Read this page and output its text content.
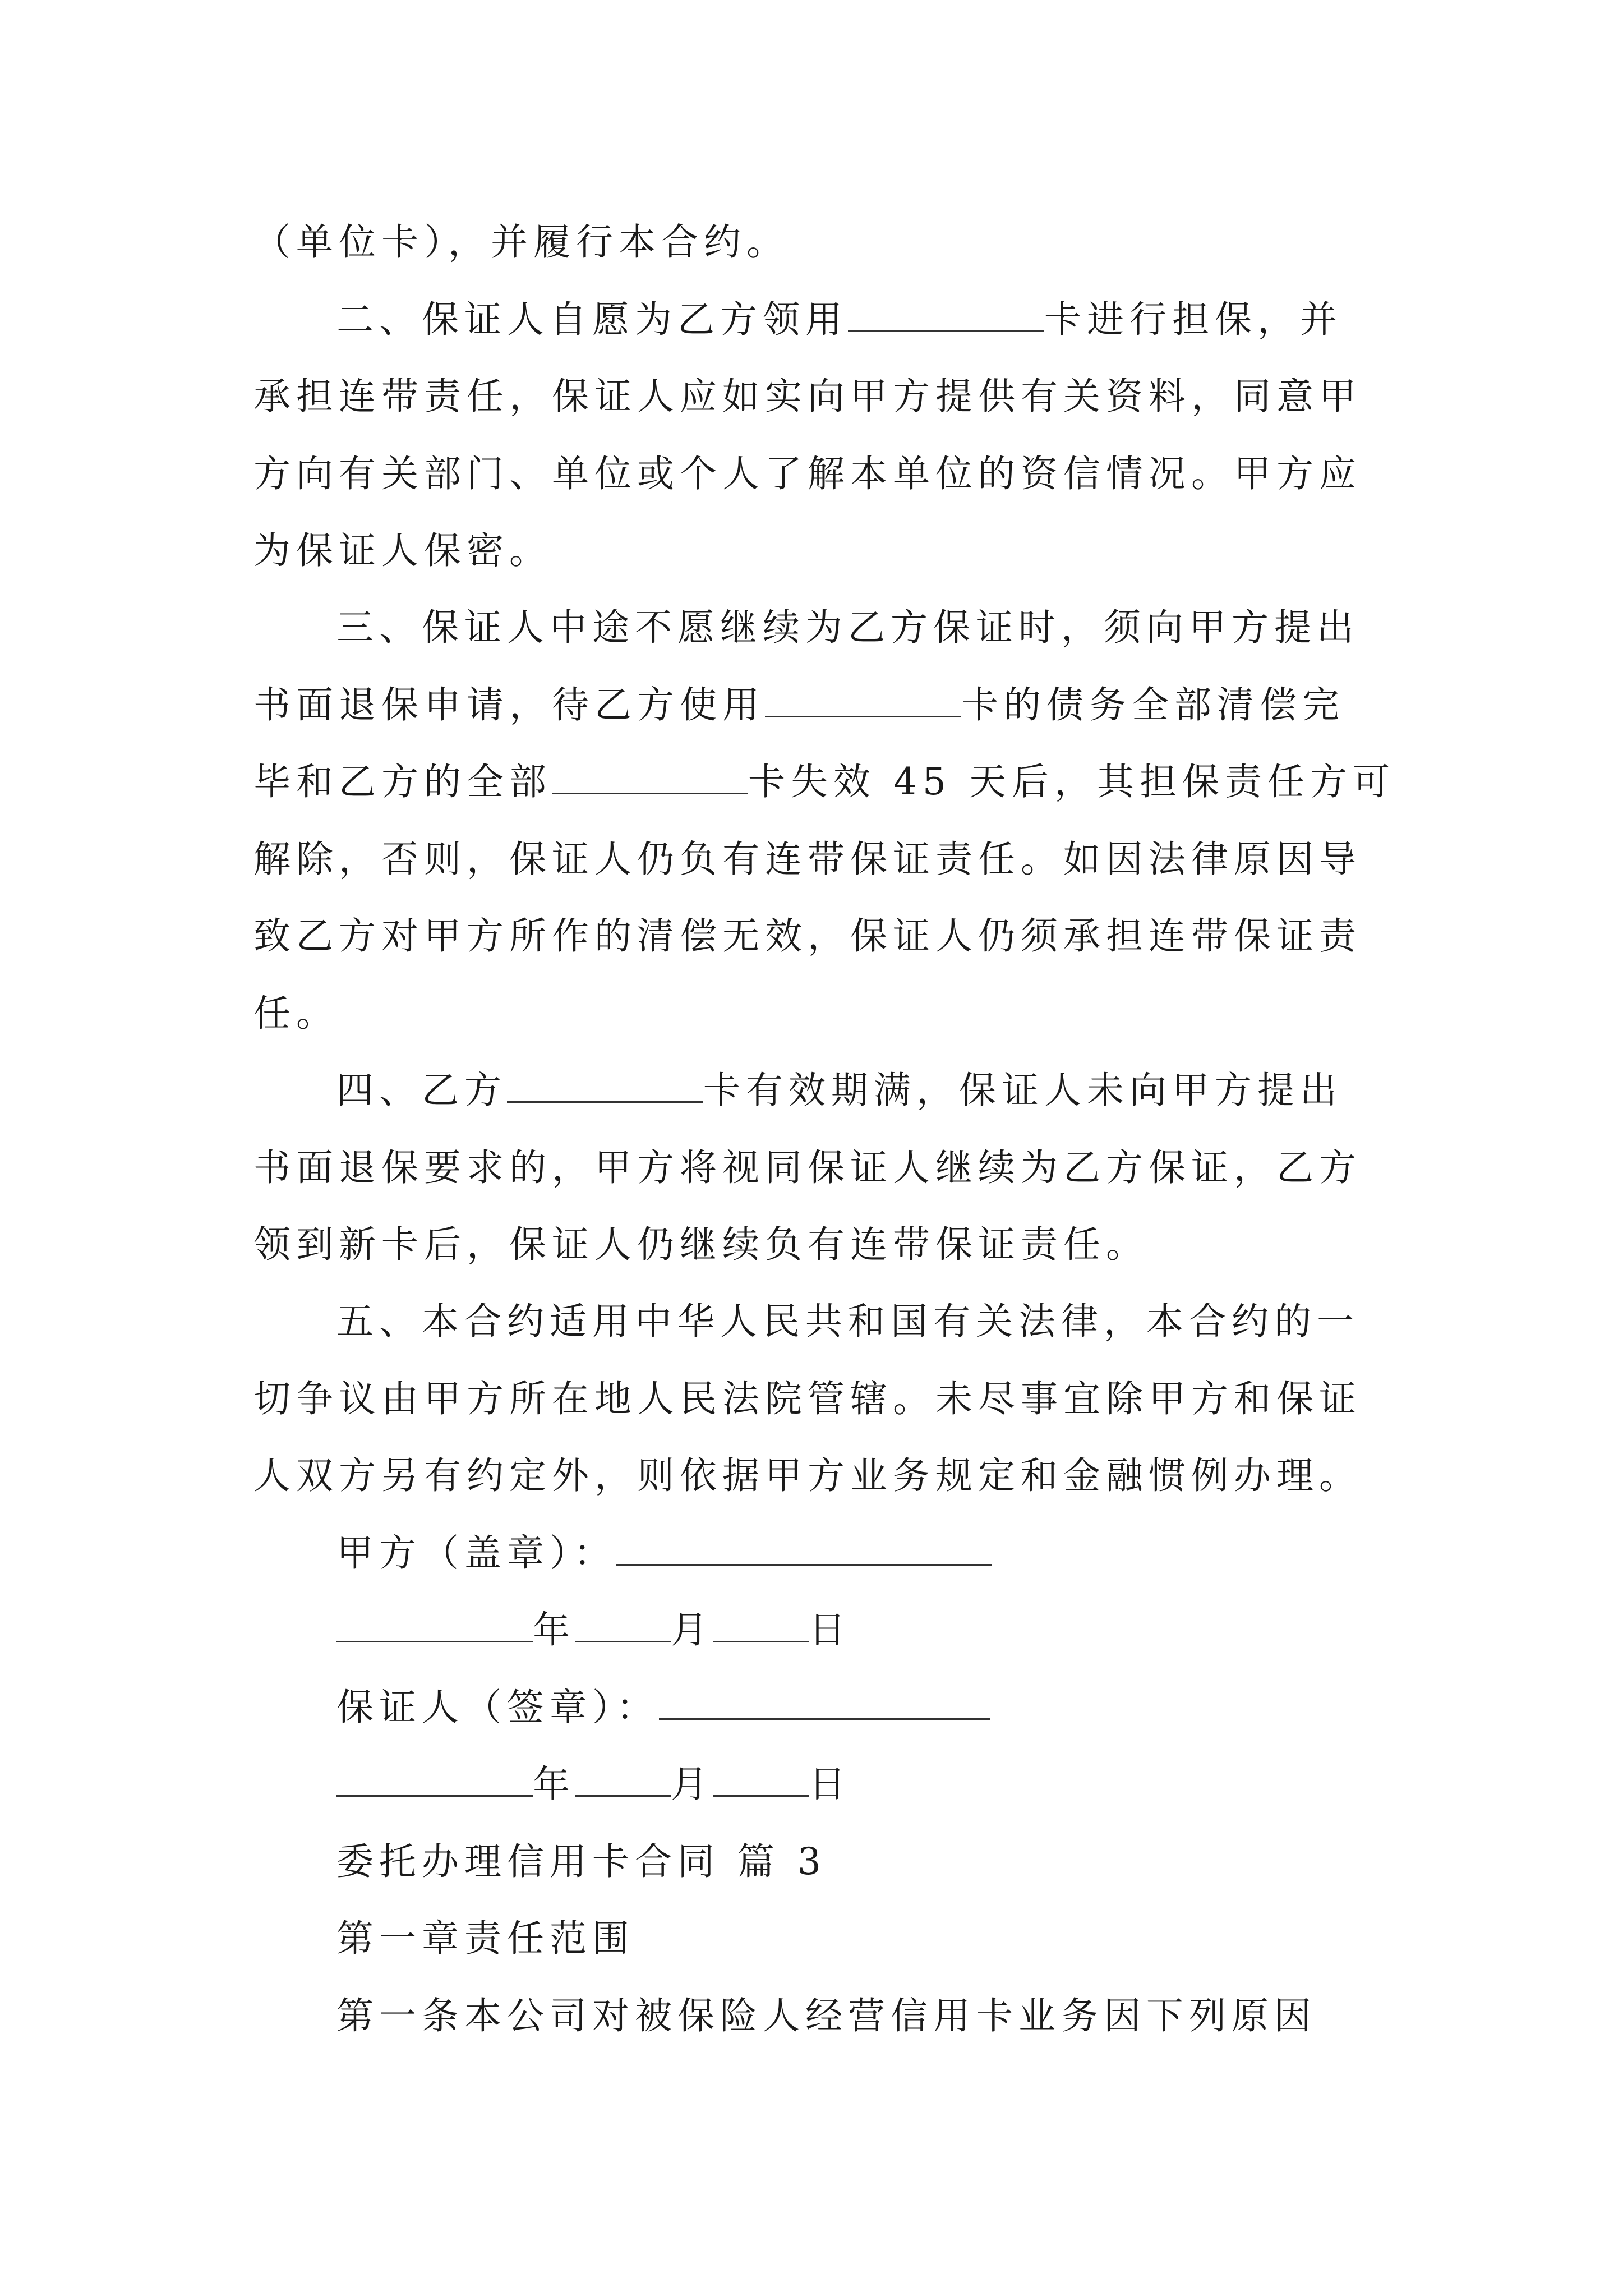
（单位卡），并履行本合约。
二、保证人自愿为乙方领用	卡进行担保，并
承担连带责任，保证人应如实向甲方提供有关资料，同意甲
方向有关部门、单位或个人了解本单位的资信情况。甲方应
为保证人保密。
三、保证人中途不愿继续为乙方保证时，须向甲方提出
书面退保申请，待乙方使用	卡的债务全部清偿完
毕和乙方的全部	卡失效 45 天后，其担保责任方可
解除，否则，保证人仍负有连带保证责任。如因法律原因导
致乙方对甲方所作的清偿无效，保证人仍须承担连带保证责
任。
四、乙方	卡有效期满，保证人未向甲方提出
书面退保要求的，甲方将视同保证人继续为乙方保证，乙方
领到新卡后，保证人仍继续负有连带保证责任。
五、本合约适用中华人民共和国有关法律，本合约的一
切争议由甲方所在地人民法院管辖。未尽事宜除甲方和保证
人双方另有约定外，则依据甲方业务规定和金融惯例办理。
甲方（盖章）：
年	月	日
保证人（签章）：
年	月	日
委托办理信用卡合同 篇 3
第一章责任范围
第一条本公司对被保险人经营信用卡业务因下列原因
